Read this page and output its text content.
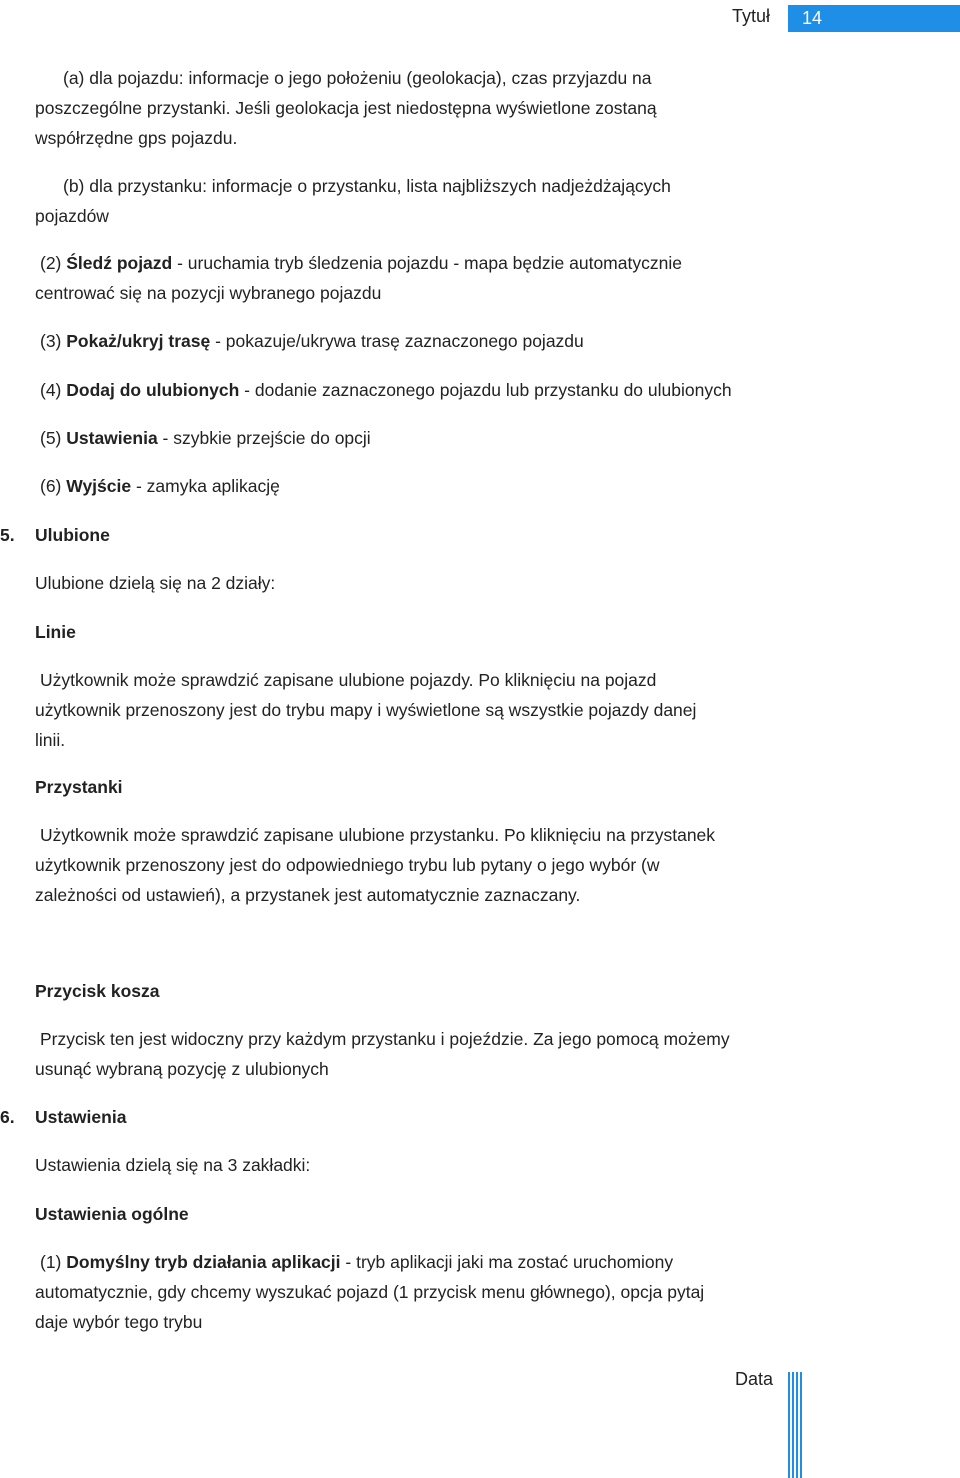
Tytuł 14
(a) dla pojazdu: informacje o jego położeniu (geolokacja), czas przyjazdu na
poszczególne przystanki. Jeśli geolokacja jest niedostępna wyświetlone zostaną
współrzędne gps pojazdu.
(b) dla przystanku: informacje o przystanku, lista najbliższych nadjeżdżających
pojazdów
(2) Śledź pojazd - uruchamia tryb śledzenia pojazdu - mapa będzie automatycznie
centrować się na pozycji wybranego pojazdu
(3) Pokaż/ukryj trasę - pokazuje/ukrywa trasę zaznaczonego pojazdu
(4) Dodaj do ulubionych - dodanie zaznaczonego pojazdu lub przystanku do ulubionych
(5) Ustawienia - szybkie przejście do opcji
(6) Wyjście - zamyka aplikację
5. Ulubione
Ulubione dzielą się na 2 działy:
Linie
Użytkownik może sprawdzić zapisane ulubione pojazdy. Po kliknięciu na pojazd
użytkownik przenoszony jest do trybu mapy i wyświetlone są wszystkie pojazdy danej
linii.
Przystanki
Użytkownik może sprawdzić zapisane ulubione przystanku. Po kliknięciu na przystanek
użytkownik przenoszony jest do odpowiedniego trybu lub pytany o jego wybór (w
zależności od ustawień), a przystanek jest automatycznie zaznaczany.
Przycisk kosza
Przycisk ten jest widoczny przy każdym przystanku i pojeździe. Za jego pomocą możemy
usunąć wybraną pozycję z ulubionych
6. Ustawienia
Ustawienia dzielą się na 3 zakładki:
Ustawienia ogólne
(1) Domyślny tryb działania aplikacji - tryb aplikacji jaki ma zostać uruchomiony
automatycznie, gdy chcemy wyszukać pojazd (1 przycisk menu głównego), opcja pytaj
daje wybór tego trybu
Data
